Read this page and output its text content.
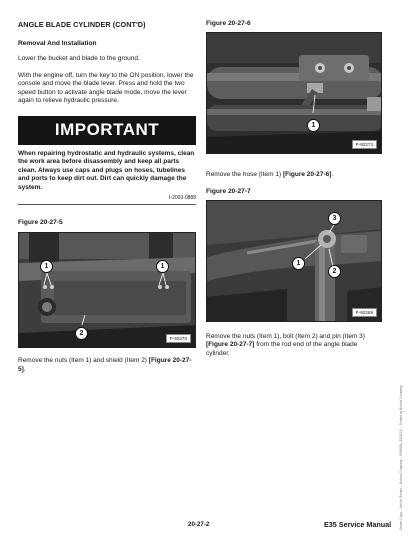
ANGLE BLADE CYLINDER (CONT'D)
Removal And Installation

Lower the bucket and blade to the ground.

With the engine off, turn the key to the ON position, lower the console and move the blade lever. Press and hold the two speed button to activate angle blade mode, move the lever again to relieve hydraulic pressure.

IMPORTANT

When repairing hydrostatic and hydraulic systems, clean the work area before disassembly and keep all parts clean. Always use caps and plugs on hoses, tubelines and ports to keep dirt out. Dirt can quickly damage the system.

I-2003-0888
Figure 20-27-5
1	1
2
P-92270

Remove the nuts (Item 1) and shield (Item 2) [Figure 20-27-5].

Figure 20-27-6
1
P-92273

Remove the hose (Item 1) [Figure 20-27-6].

Figure 20-27-7
3
1
2
P-92268

Remove the nuts (Item 1), bolt (Item 2) and pin (Item 3) [Figure 20-27-7] from the rod end of the angle blade cylinder.

Dealer Copy -- Not for Resale -- Bobcat Company -- 6989681 (11/2021) -- Printed by Bobcat Company
20-27-2	E35 Service Manual
